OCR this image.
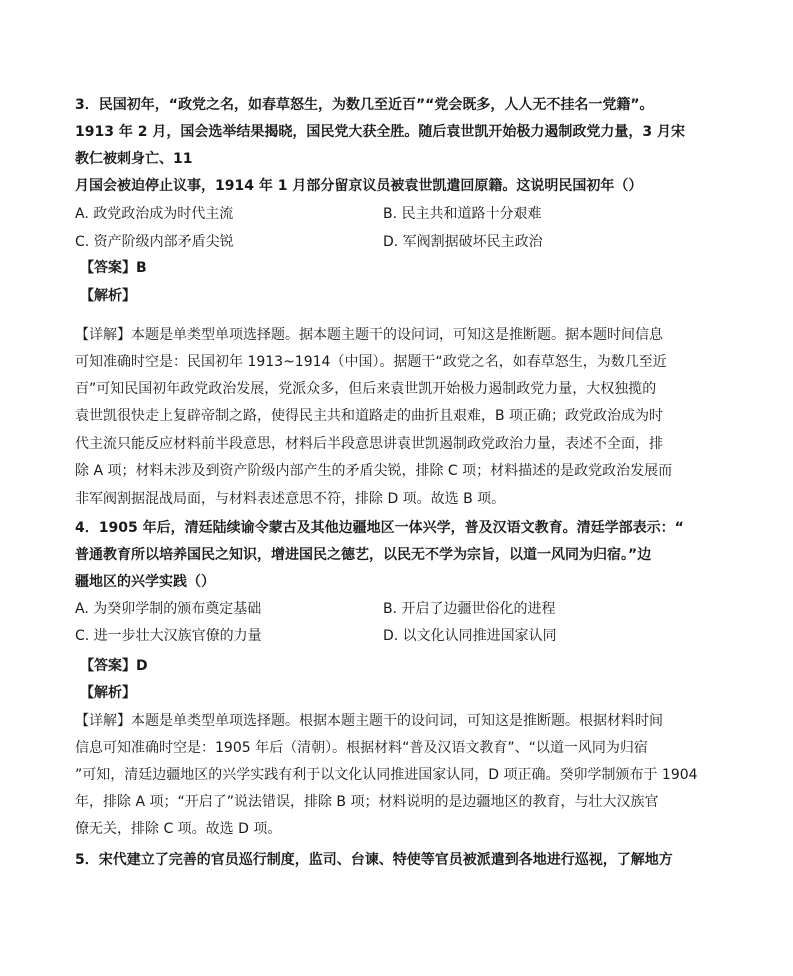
3．民国初年，“政党之名，如春草怒生，为数几至近百”“党会既多，人人无不挂名一党籍”。
1913 年 2 月，国会选举结果揭晓，国民党大获全胜。随后袁世凯开始极力遏制政党力量，3 月宋
教仁被刺身亡、11
月国会被迫停止议事，1914 年 1 月部分留京议员被袁世凯遣回原籍。这说明民国初年（）
A. 政党政治成为时代主流	B. 民主共和道路十分艰难
C. 资产阶级内部矛盾尖锐	D. 军阀割据破坏民主政治
【答案】B
【解析】
【详解】本题是单类型单项选择题。据本题主题干的设问词，可知这是推断题。据本题时间信息
可知准确时空是：民国初年 1913~1914（中国）。据题干“政党之名，如春草怒生，为数几至近
百”可知民国初年政党政治发展，党派众多，但后来袁世凯开始极力遏制政党力量，大权独揽的
袁世凯很快走上复辟帝制之路，使得民主共和道路走的曲折且艰难，B 项正确；政党政治成为时
代主流只能反应材料前半段意思，材料后半段意思讲袁世凯遏制政党政治力量，表述不全面，排
除 A 项；材料未涉及到资产阶级内部产生的矛盾尖锐，排除 C 项；材料描述的是政党政治发展而
非军阀割据混战局面，与材料表述意思不符，排除 D 项。故选 B 项。
4．1905 年后，清廷陆续谕令蒙古及其他边疆地区一体兴学，普及汉语文教育。清廷学部表示：“
普通教育所以培养国民之知识，增进国民之德艺，以民无不学为宗旨，以道一风同为归宿。”边
疆地区的兴学实践（）
A. 为癸卯学制的颁布奠定基础	B. 开启了边疆世俗化的进程
C. 进一步壮大汉族官僚的力量	D. 以文化认同推进国家认同
【答案】D
【解析】
【详解】本题是单类型单项选择题。根据本题主题干的设问词，可知这是推断题。根据材料时间
信息可知准确时空是：1905 年后（清朝）。根据材料“普及汉语文教育”、“以道一风同为归宿
”可知，清廷边疆地区的兴学实践有利于以文化认同推进国家认同，D 项正确。癸卯学制颁布于 1904
年，排除 A 项；“开启了”说法错误，排除 B 项；材料说明的是边疆地区的教育，与壮大汉族官
僚无关，排除 C 项。故选 D 项。
5．宋代建立了完善的官员巡行制度，监司、台谏、特使等官员被派遣到各地进行巡视，了解地方
